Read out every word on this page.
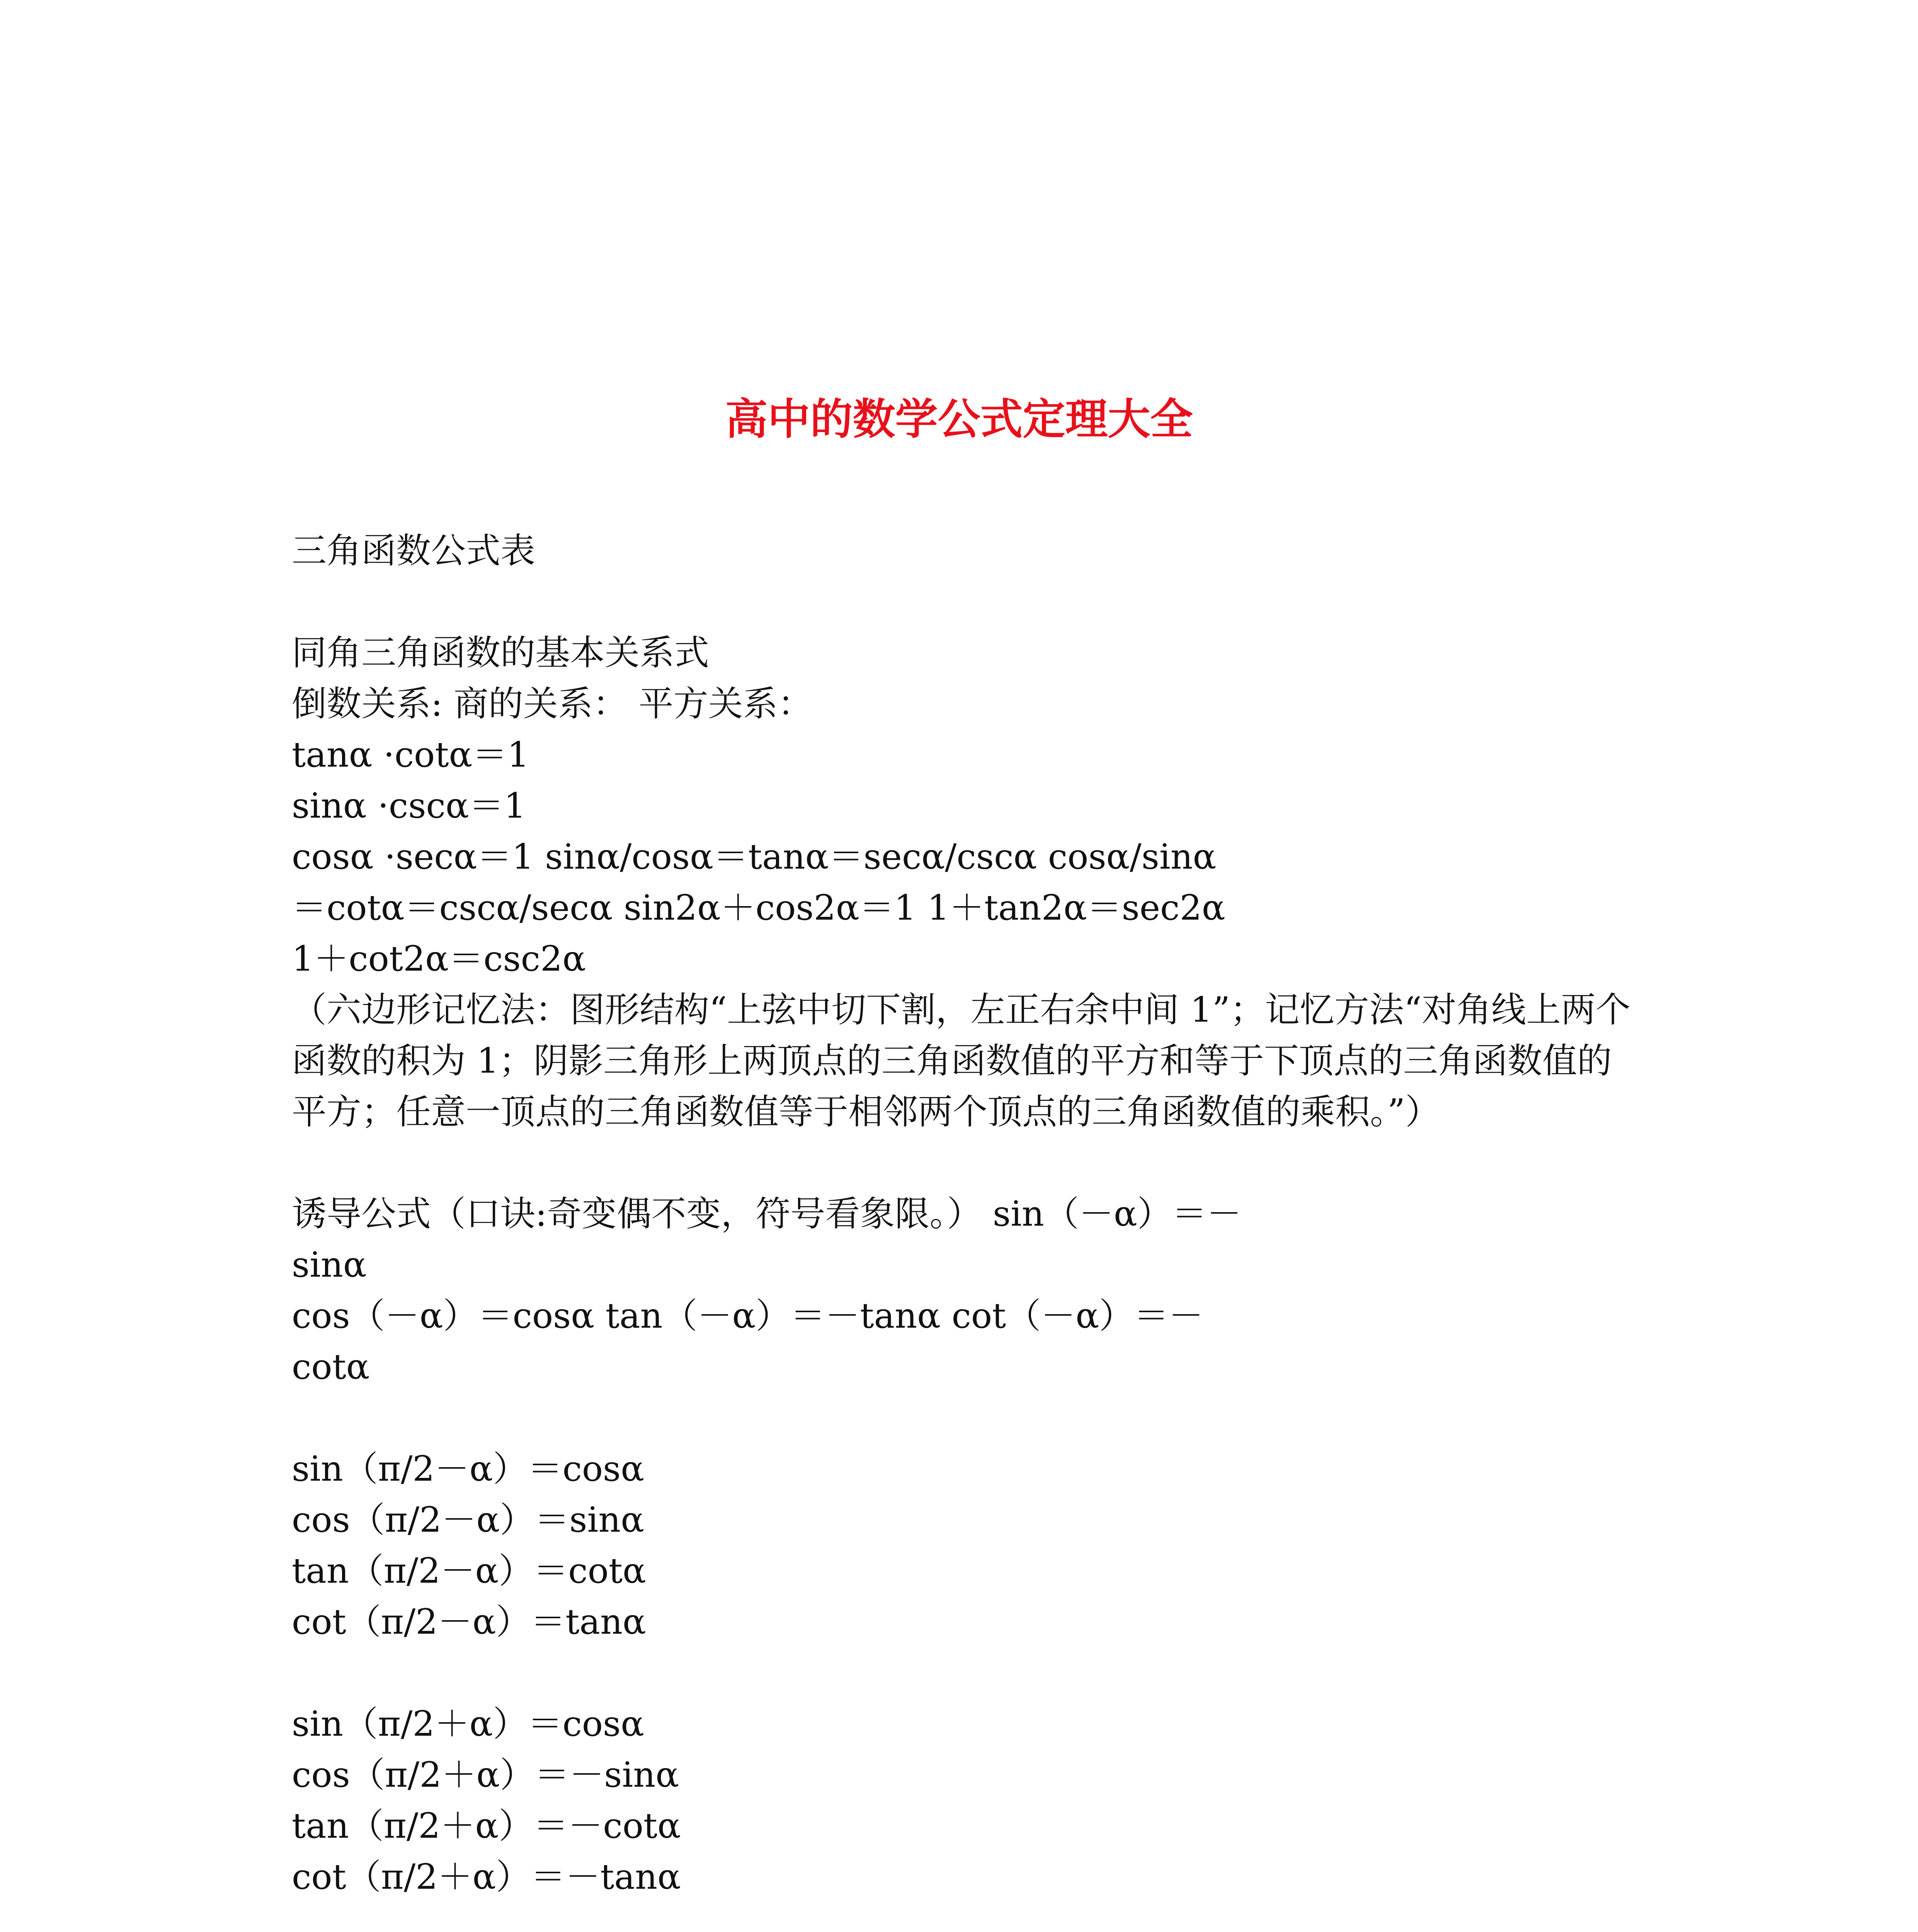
高中的数学公式定理大全
三角函数公式表
同角三角函数的基本关系式
倒数关系: 商的关系： 平方关系：
tanα ·cotα＝1
sinα ·cscα＝1
cosα ·secα＝1 sinα/cosα＝tanα＝secα/cscα cosα/sinα
＝cotα＝cscα/secα sin2α＋cos2α＝1 1＋tan2α＝sec2α
1＋cot2α＝csc2α
（六边形记忆法：图形结构“上弦中切下割，左正右余中间 1”；记忆方法“对角线上两个函数的积为 1；阴影三角形上两顶点的三角函数值的平方和等于下顶点的三角函数值的平方；任意一顶点的三角函数值等于相邻两个顶点的三角函数值的乘积。”）
诱导公式（口诀:奇变偶不变，符号看象限。） sin（－α）＝－
sinα
cos（－α）＝cosα tan（－α）＝－tanα cot（－α）＝－
cotα
sin（π/2－α）＝cosα
cos（π/2－α）＝sinα
tan（π/2－α）＝cotα
cot（π/2－α）＝tanα
sin（π/2＋α）＝cosα
cos（π/2＋α）＝－sinα
tan（π/2＋α）＝－cotα
cot（π/2＋α）＝－tanα
